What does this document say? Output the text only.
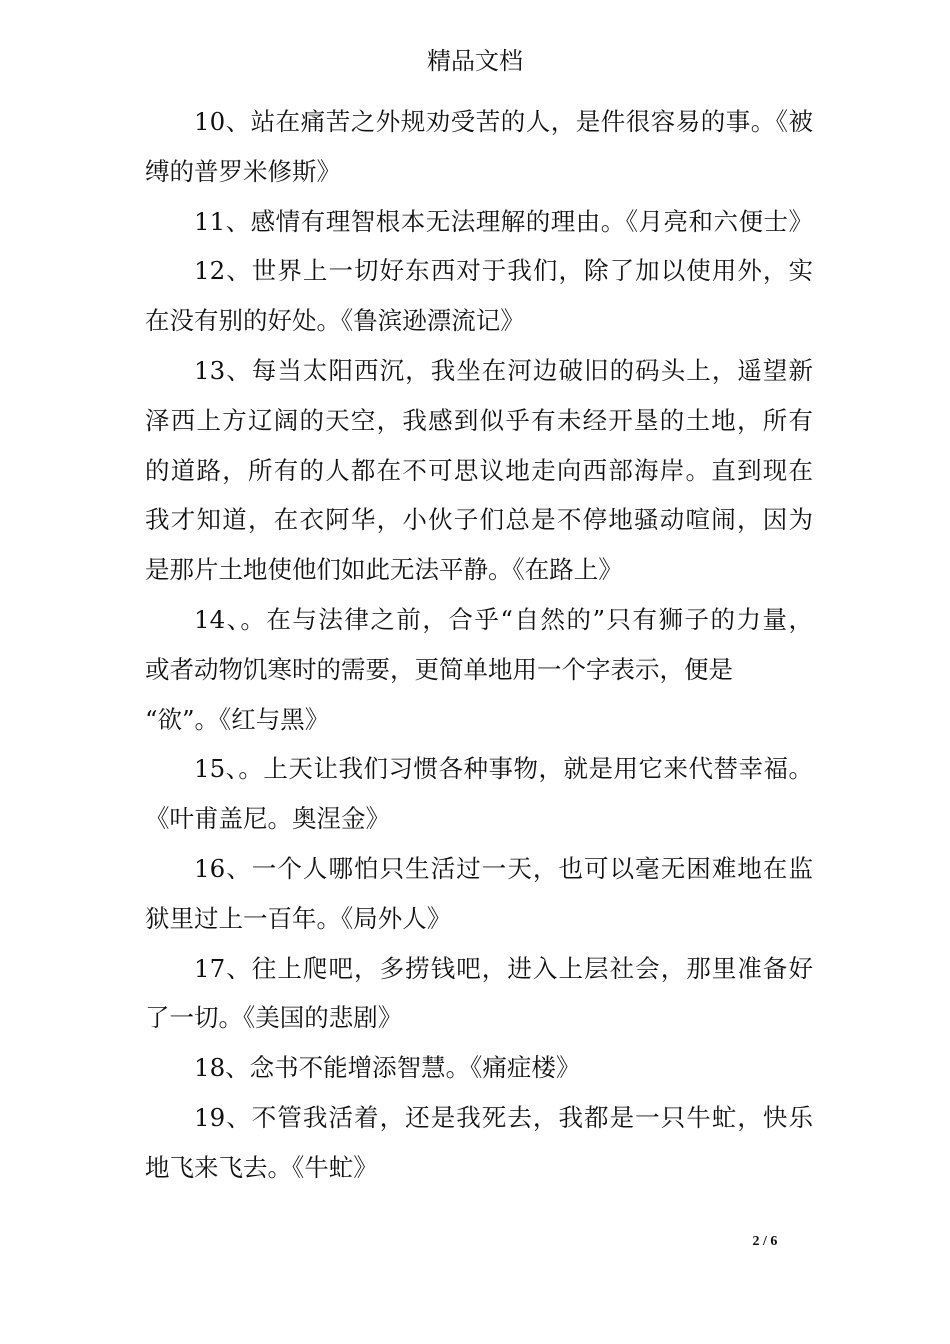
精品文档

10、站在痛苦之外规劝受苦的人，是件很容易的事。《被
缚的普罗米修斯》

11、感情有理智根本无法理解的理由。《月亮和六便士》

12、世界上一切好东西对于我们，除了加以使用外，实
在没有别的好处。《鲁滨逊漂流记》

13、每当太阳西沉，我坐在河边破旧的码头上，遥望新
泽西上方辽阔的天空，我感到似乎有未经开垦的土地，所有
的道路，所有的人都在不可思议地走向西部海岸。直到现在
我才知道，在衣阿华，小伙子们总是不停地骚动喧闹，因为
是那片土地使他们如此无法平静。《在路上》

14、。在与法律之前，合乎“自然的”只有狮子的力量，
或者动物饥寒时的需要，更简单地用一个字表示，便是
“欲”。《红与黑》

15、。上天让我们习惯各种事物，就是用它来代替幸福。
《叶甫盖尼。奥涅金》

16、一个人哪怕只生活过一天，也可以毫无困难地在监
狱里过上一百年。《局外人》

17、往上爬吧，多捞钱吧，进入上层社会，那里准备好
了一切。《美国的悲剧》

18、念书不能增添智慧。《痛症楼》

19、不管我活着，还是我死去，我都是一只牛虻，快乐
地飞来飞去。《牛虻》

2 / 6
